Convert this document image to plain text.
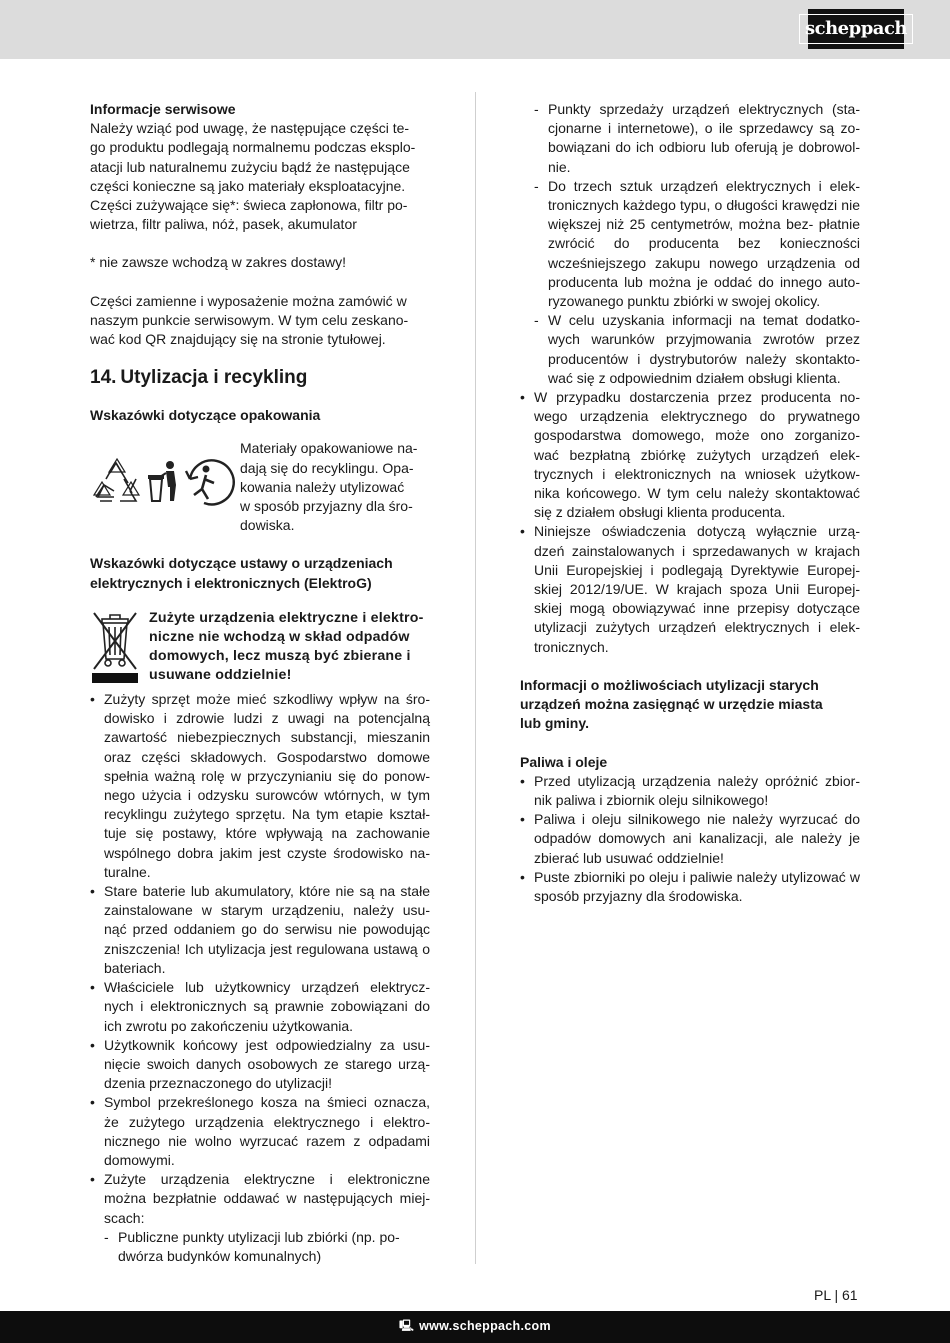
scheppach

Informacje serwisowe

Należy wziąć pod uwagę, że następujące części te-

go produktu podlegają normalnemu podczas eksplo-

atacji lub naturalnemu zużyciu bądź że następujące

części konieczne są jako materiały eksploatacyjne.

Części zużywające się*: świeca zapłonowa, filtr po-

wietrza, filtr paliwa, nóż, pasek, akumulator

* nie zawsze wchodzą w zakres dostawy!

Części zamienne i wyposażenie można zamówić w

naszym punkcie serwisowym. W tym celu zeskano-

wać kod QR znajdujący się na stronie tytułowej.

14. Utylizacja i recykling

Wskazówki dotyczące opakowania

Materiały opakowaniowe na-

dają się do recyklingu. Opa-

kowania należy utylizować

w sposób przyjazny dla śro-

dowiska.

Wskazówki dotyczące ustawy o urządzeniach

elektrycznych i elektronicznych (ElektroG)

Zużyte urządzenia elektryczne i elektro-

niczne nie wchodzą w skład odpadów

domowych, lecz muszą być zbierane i

usuwane oddzielnie!

• Zużyty sprzęt może mieć szkodliwy wpływ na śro- dowisko i zdrowie ludzi z uwagi na potencjalną zawartość niebezpiecznych substancji, mieszanin oraz części składowych. Gospodarstwo domowe spełnia ważną rolę w przyczynianiu się do ponow- nego użycia i odzysku surowców wtórnych, w tym recyklingu zużytego sprzętu. Na tym etapie kształ- tuje się postawy, które wpływają na zachowanie wspólnego dobra jakim jest czyste środowisko na- turalne.
• Stare baterie lub akumulatory, które nie są na stałe zainstalowane w starym urządzeniu, należy usu- nąć przed oddaniem go do serwisu nie powodując zniszczenia! Ich utylizacja jest regulowana ustawą o bateriach.
• Właściciele lub użytkownicy urządzeń elektrycz- nych i elektronicznych są prawnie zobowiązani do ich zwrotu po zakończeniu użytkowania.
• Użytkownik końcowy jest odpowiedzialny za usu- nięcie swoich danych osobowych ze starego urzą- dzenia przeznaczonego do utylizacji!
• Symbol przekreślonego kosza na śmieci oznacza, że zużytego urządzenia elektrycznego i elektro- nicznego nie wolno wyrzucać razem z odpadami domowymi.
• Zużyte urządzenia elektryczne i elektroniczne można bezpłatnie oddawać w następujących miej- scach:
- Publiczne punkty utylizacji lub zbiórki (np. po- dwórza budynków komunalnych)
- Punkty sprzedaży urządzeń elektrycznych (sta- cjonarne i internetowe), o ile sprzedawcy są zo- bowiązani do ich odbioru lub oferują je dobrowol- nie.
- Do trzech sztuk urządzeń elektrycznych i elek- tronicznych każdego typu, o długości krawędzi nie większej niż 25 centymetrów, można bez- płatnie zwrócić do producenta bez konieczności wcześniejszego zakupu nowego urządzenia od producenta lub można je oddać do innego auto- ryzowanego punktu zbiórki w swojej okolicy.
- W celu uzyskania informacji na temat dodatko- wych warunków przyjmowania zwrotów przez producentów i dystrybutorów należy skontakto- wać się z odpowiednim działem obsługi klienta.
• W przypadku dostarczenia przez producenta no- wego urządzenia elektrycznego do prywatnego gospodarstwa domowego, może ono zorganizo- wać bezpłatną zbiórkę zużytych urządzeń elek- trycznych i elektronicznych na wniosek użytkow- nika końcowego. W tym celu należy skontaktować się z działem obsługi klienta producenta.
• Niniejsze oświadczenia dotyczą wyłącznie urzą- dzeń zainstalowanych i sprzedawanych w krajach Unii Europejskiej i podlegają Dyrektywie Europej- skiej 2012/19/UE. W krajach spoza Unii Europej- skiej mogą obowiązywać inne przepisy dotyczące utylizacji zużytych urządzeń elektrycznych i elek- tronicznych.

Informacji o możliwościach utylizacji starych

urządzeń można zasięgnąć w urzędzie miasta

lub gminy.

Paliwa i oleje

• Przed utylizacją urządzenia należy opróżnić zbior- nik paliwa i zbiornik oleju silnikowego!
• Paliwa i oleju silnikowego nie należy wyrzucać do odpadów domowych ani kanalizacji, ale należy je zbierać lub usuwać oddzielnie!
• Puste zbiorniki po oleju i paliwie należy utylizować w sposób przyjazny dla środowiska.
PL | 61
🖳 www.scheppach.com
